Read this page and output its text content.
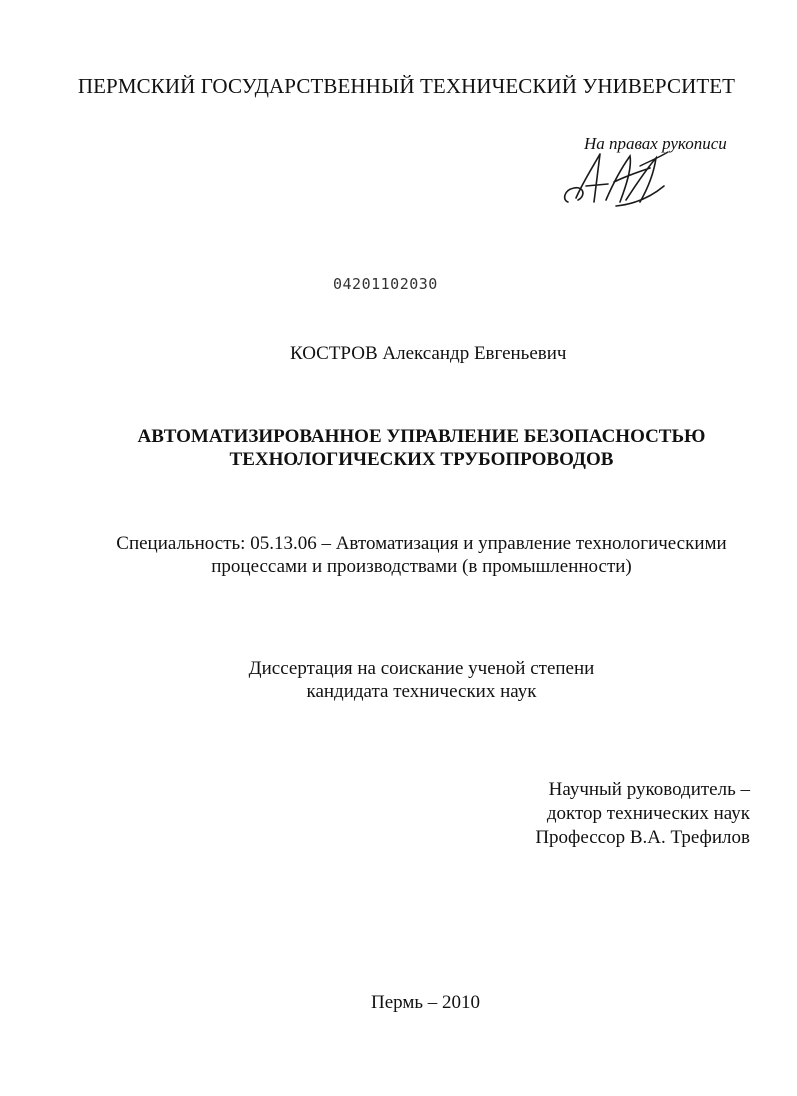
ПЕРМСКИЙ ГОСУДАРСТВЕННЫЙ ТЕХНИЧЕСКИЙ УНИВЕРСИТЕТ
На правах рукописи
04201102030
КОСТРОВ Александр Евгеньевич
АВТОМАТИЗИРОВАННОЕ УПРАВЛЕНИЕ БЕЗОПАСНОСТЬЮ
ТЕХНОЛОГИЧЕСКИХ ТРУБОПРОВОДОВ
Специальность: 05.13.06 – Автоматизация и управление технологическими
процессами и производствами (в промышленности)
Диссертация на соискание ученой степени
кандидата технических наук
Научный руководитель –
доктор технических наук
Профессор В.А. Трефилов
Пермь – 2010
